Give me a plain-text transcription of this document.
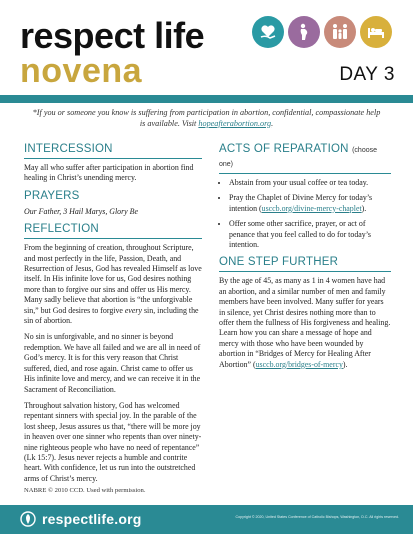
respect life
novena	DAY 3
*If you or someone you know is suffering from participation in abortion, confidential, compassionate help is available. Visit hopeafterabortion.org.
INTERCESSION

May all who suffer after participation in abortion find healing in Christ’s unending mercy.

PRAYERS

Our Father, 3 Hail Marys, Glory Be

REFLECTION

From the beginning of creation, throughout Scripture, and most perfectly in the life, Passion, Death, and Resurrection of Jesus, God has revealed Himself as love itself. In His infinite love for us, God desires nothing more than to forgive our sins and offer us His mercy. Many sadly believe that abortion is “the unforgivable sin,” but God desires to forgive every sin, including the sin of abortion.

No sin is unforgivable, and no sinner is beyond redemption. We have all failed and we are all in need of God’s mercy. It is for this very reason that Christ suffered, died, and rose again. Christ came to offer us His infinite love and mercy, and we can receive it in the Sacrament of Reconciliation.

Throughout salvation history, God has welcomed repentant sinners with special joy. In the parable of the lost sheep, Jesus assures us that, “there will be more joy in heaven over one sinner who repents than over ninety-nine righteous people who have no need of repentance” (Lk 15:7). Jesus never rejects a humble and contrite heart. With confidence, let us run into the outstretched arms of Christ’s mercy.

ACTS OF REPARATION (choose one)
• Abstain from your usual coffee or tea today.
• Pray the Chaplet of Divine Mercy for today’s intention (usccb.org/divine-mercy-chaplet).
• Offer some other sacrifice, prayer, or act of penance that you feel called to do for today’s intention.
ONE STEP FURTHER

By the age of 45, as many as 1 in 4 women have had an abortion, and a similar number of men and family members have been involved. Many suffer for years in silence, yet Christ desires nothing more than to offer them the fullness of His forgiveness and healing. Learn how you can share a message of hope and mercy with those who have been wounded by abortion in “Bridges of Mercy for Healing After Abortion” (usccb.org/bridges-of-mercy).

NABRE © 2010 CCD. Used with permission.
respectlife.org	Copyright © 2020, United States Conference of Catholic Bishops, Washington, D.C. All rights reserved.
